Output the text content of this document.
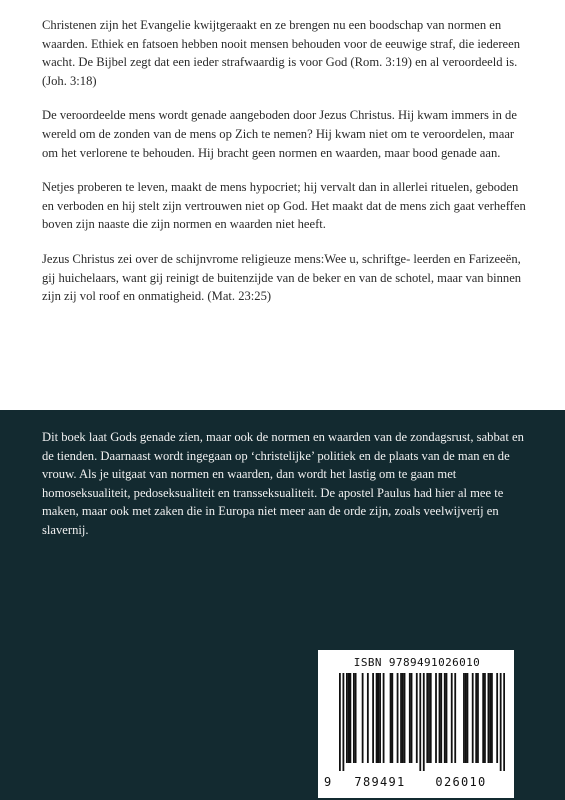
Christenen zijn het Evangelie kwijtgeraakt en ze brengen nu een boodschap van normen en waarden. Ethiek en fatsoen hebben nooit mensen behouden voor de eeuwige straf, die iedereen wacht. De Bijbel zegt dat een ieder strafwaardig is voor God (Rom. 3:19) en al veroordeeld is. (Joh. 3:18)

De veroordeelde mens wordt genade aangeboden door Jezus Christus. Hij kwam immers in de wereld om de zonden van de mens op Zich te nemen? Hij kwam niet om te veroordelen, maar om het verlorene te behouden. Hij bracht geen normen en waarden, maar bood genade aan.

Netjes proberen te leven, maakt de mens hypocriet; hij vervalt dan in allerlei rituelen, geboden en verboden en hij stelt zijn vertrouwen niet op God. Het maakt dat de mens zich gaat verheffen boven zijn naaste die zijn normen en waarden niet heeft.

Jezus Christus zei over de schijnvrome religieuze mens:Wee u, schriftge- leerden en Farizeeën, gij huichelaars, want gij reinigt de buitenzijde van de beker en van de schotel, maar van binnen zijn zij vol roof en onmatigheid. (Mat. 23:25)

Dit boek laat Gods genade zien, maar ook de normen en waarden van de zondagsrust, sabbat en de tienden. Daarnaast wordt ingegaan op ‘christelijke’ politiek en de plaats van de man en de vrouw. Als je uitgaat van normen en waarden, dan wordt het lastig om te gaan met homoseksualiteit, pedoseksualiteit en transseksualiteit. De apostel Paulus had hier al mee te maken, maar ook met zaken die in Europa niet meer aan de orde zijn, zoals veelwijverij en slavernij.

ISBN 9789491026010
9	789491	026010
